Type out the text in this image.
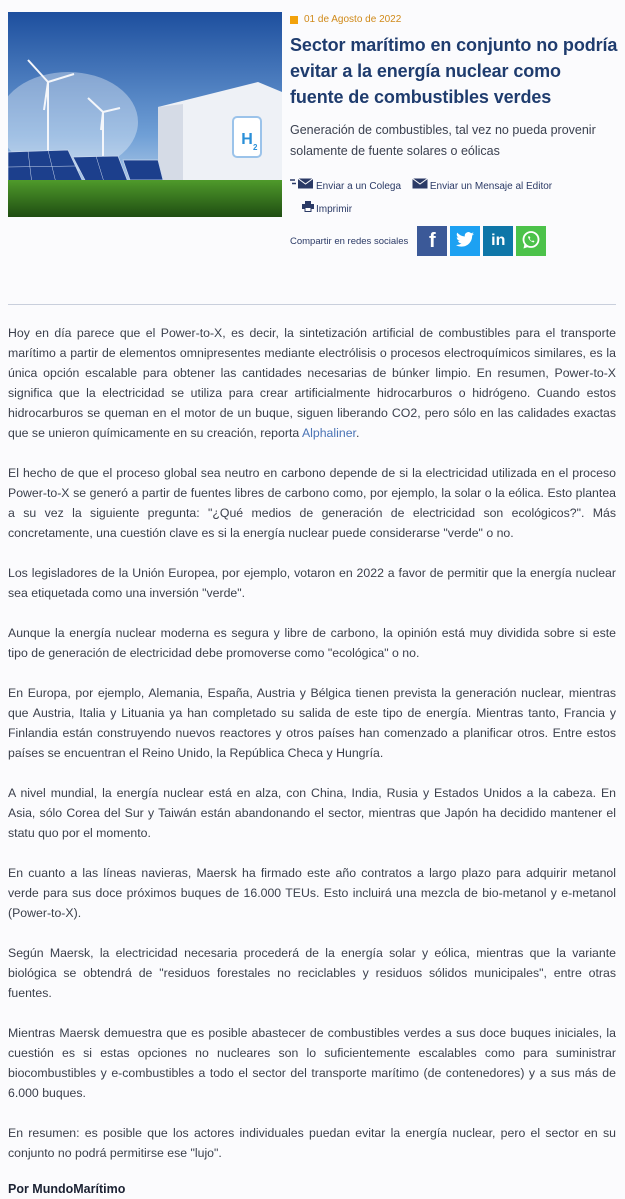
H 2
01 de Agosto de 2022
Sector marítimo en conjunto no podría evitar a la energía nuclear como fuente de combustibles verdes

Generación de combustibles, tal vez no pueda provenir solamente de fuente solares o eólicas

Enviar a un Colega
	Enviar un Mensaje al Editor
Imprimir
Compartir en redes sociales f	in

Hoy en día parece que el Power-to-X, es decir, la sintetización artificial de combustibles para el transporte marítimo a partir de elementos omnipresentes mediante electrólisis o procesos electroquímicos similares, es la única opción escalable para obtener las cantidades necesarias de búnker limpio. En resumen, Power-to-X significa que la electricidad se utiliza para crear artificialmente hidrocarburos o hidrógeno. Cuando estos hidrocarburos se queman en el motor de un buque, siguen liberando CO2, pero sólo en las calidades exactas que se unieron químicamente en su creación, reporta Alphaliner.

El hecho de que el proceso global sea neutro en carbono depende de si la electricidad utilizada en el proceso Power-to-X se generó a partir de fuentes libres de carbono como, por ejemplo, la solar o la eólica. Esto plantea a su vez la siguiente pregunta: "¿Qué medios de generación de electricidad son ecológicos?". Más concretamente, una cuestión clave es si la energía nuclear puede considerarse "verde" o no.

Los legisladores de la Unión Europea, por ejemplo, votaron en 2022 a favor de permitir que la energía nuclear sea etiquetada como una inversión "verde".

Aunque la energía nuclear moderna es segura y libre de carbono, la opinión está muy dividida sobre si este tipo de generación de electricidad debe promoverse como "ecológica" o no.

En Europa, por ejemplo, Alemania, España, Austria y Bélgica tienen prevista la generación nuclear, mientras que Austria, Italia y Lituania ya han completado su salida de este tipo de energía. Mientras tanto, Francia y Finlandia están construyendo nuevos reactores y otros países han comenzado a planificar otros. Entre estos países se encuentran el Reino Unido, la República Checa y Hungría.

A nivel mundial, la energía nuclear está en alza, con China, India, Rusia y Estados Unidos a la cabeza. En Asia, sólo Corea del Sur y Taiwán están abandonando el sector, mientras que Japón ha decidido mantener el statu quo por el momento.

En cuanto a las líneas navieras, Maersk ha firmado este año contratos a largo plazo para adquirir metanol verde para sus doce próximos buques de 16.000 TEUs. Esto incluirá una mezcla de bio-metanol y e-metanol (Power-to-X).

Según Maersk, la electricidad necesaria procederá de la energía solar y eólica, mientras que la variante biológica se obtendrá de "residuos forestales no reciclables y residuos sólidos municipales", entre otras fuentes.

Mientras Maersk demuestra que es posible abastecer de combustibles verdes a sus doce buques iniciales, la cuestión es si estas opciones no nucleares son lo suficientemente escalables como para suministrar biocombustibles y e-combustibles a todo el sector del transporte marítimo (de contenedores) y a sus más de 6.000 buques.

En resumen: es posible que los actores individuales puedan evitar la energía nuclear, pero el sector en su conjunto no podrá permitirse ese "lujo".

Por MundoMarítimo
